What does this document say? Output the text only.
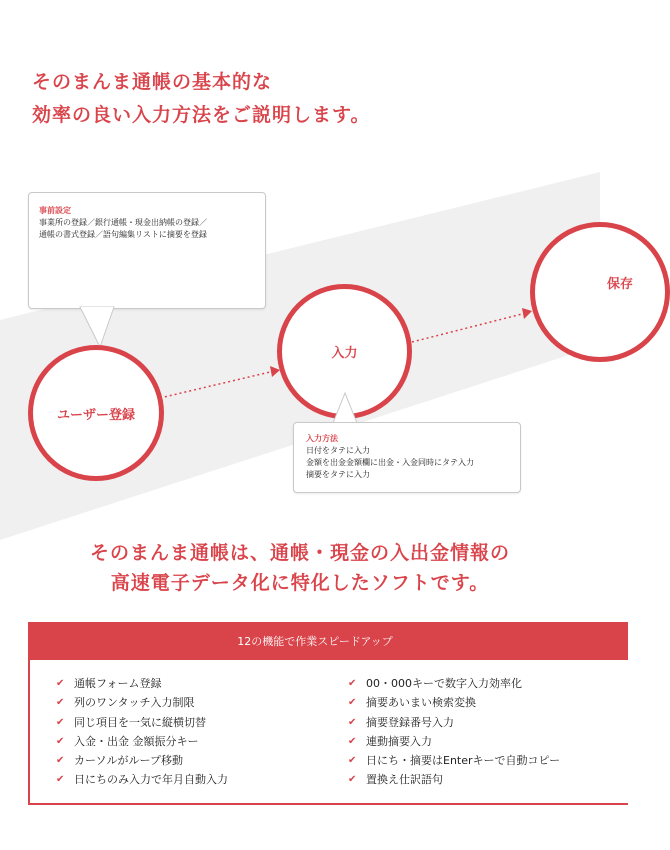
そのまんま通帳の基本的な
効率の良い入力方法をご説明します。
事前設定
事業所の登録／銀行通帳・現金出納帳の登録／
通帳の書式登録／語句編集リストに摘要を登録
ユーザー登録
入力
保存
入力方法
日付をタテに入力
金額を出金金額欄に出金・入金同時にタテ入力
摘要をタテに入力
そのまんま通帳は、通帳・現金の入出金情報の
高速電子データ化に特化したソフトです。
12の機能で作業スピードアップ
✔ 通帳フォーム登録
✔ 列のワンタッチ入力制限
✔ 同じ項目を一気に縦横切替
✔ 入金・出金 金額振分キー
✔ カーソルがループ移動
✔ 日にちのみ入力で年月自動入力
✔ 00・000キーで数字入力効率化
✔ 摘要あいまい検索変換
✔ 摘要登録番号入力
✔ 連動摘要入力
✔ 日にち・摘要はEnterキーで自動コピー
✔ 置換え仕訳語句
